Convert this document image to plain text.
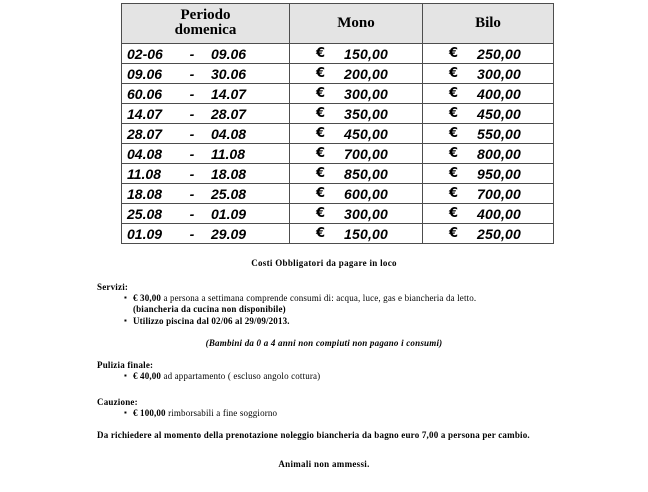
Periodo
domenica	Mono	Bilo

02-06 - 09.06	€ 150,00	€ 250,00

09.06 - 30.06	€ 200,00	€ 300,00

60.06 - 14.07	€ 300,00	€ 400,00

14.07 - 28.07	€ 350,00	€ 450,00

28.07 - 04.08	€ 450,00	€ 550,00

04.08 - 11.08	€ 700,00	€ 800,00

11.08 - 18.08	€ 850,00	€ 950,00

18.08 - 25.08	€ 600,00	€ 700,00

25.08 - 01.09	€ 300,00	€ 400,00

01.09 - 29.09	€ 150,00	€ 250,00

Costi Obbligatori da pagare in loco

Servizi:
▪ € 30,00 a persona a settimana comprende consumi di: acqua, luce, gas e biancheria da letto.
(biancheria da cucina non disponibile)
▪ Utilizzo piscina dal 02/06 al 29/09/2013.

(Bambini da 0 a 4 anni non compiuti non pagano i consumi)

Pulizia finale:
▪ € 40,00 ad appartamento ( escluso angolo cottura)
Cauzione:
▪ € 100,00 rimborsabili a fine soggiorno

Da richiedere al momento della prenotazione noleggio biancheria da bagno euro 7,00 a persona per cambio.

Animali non ammessi.
